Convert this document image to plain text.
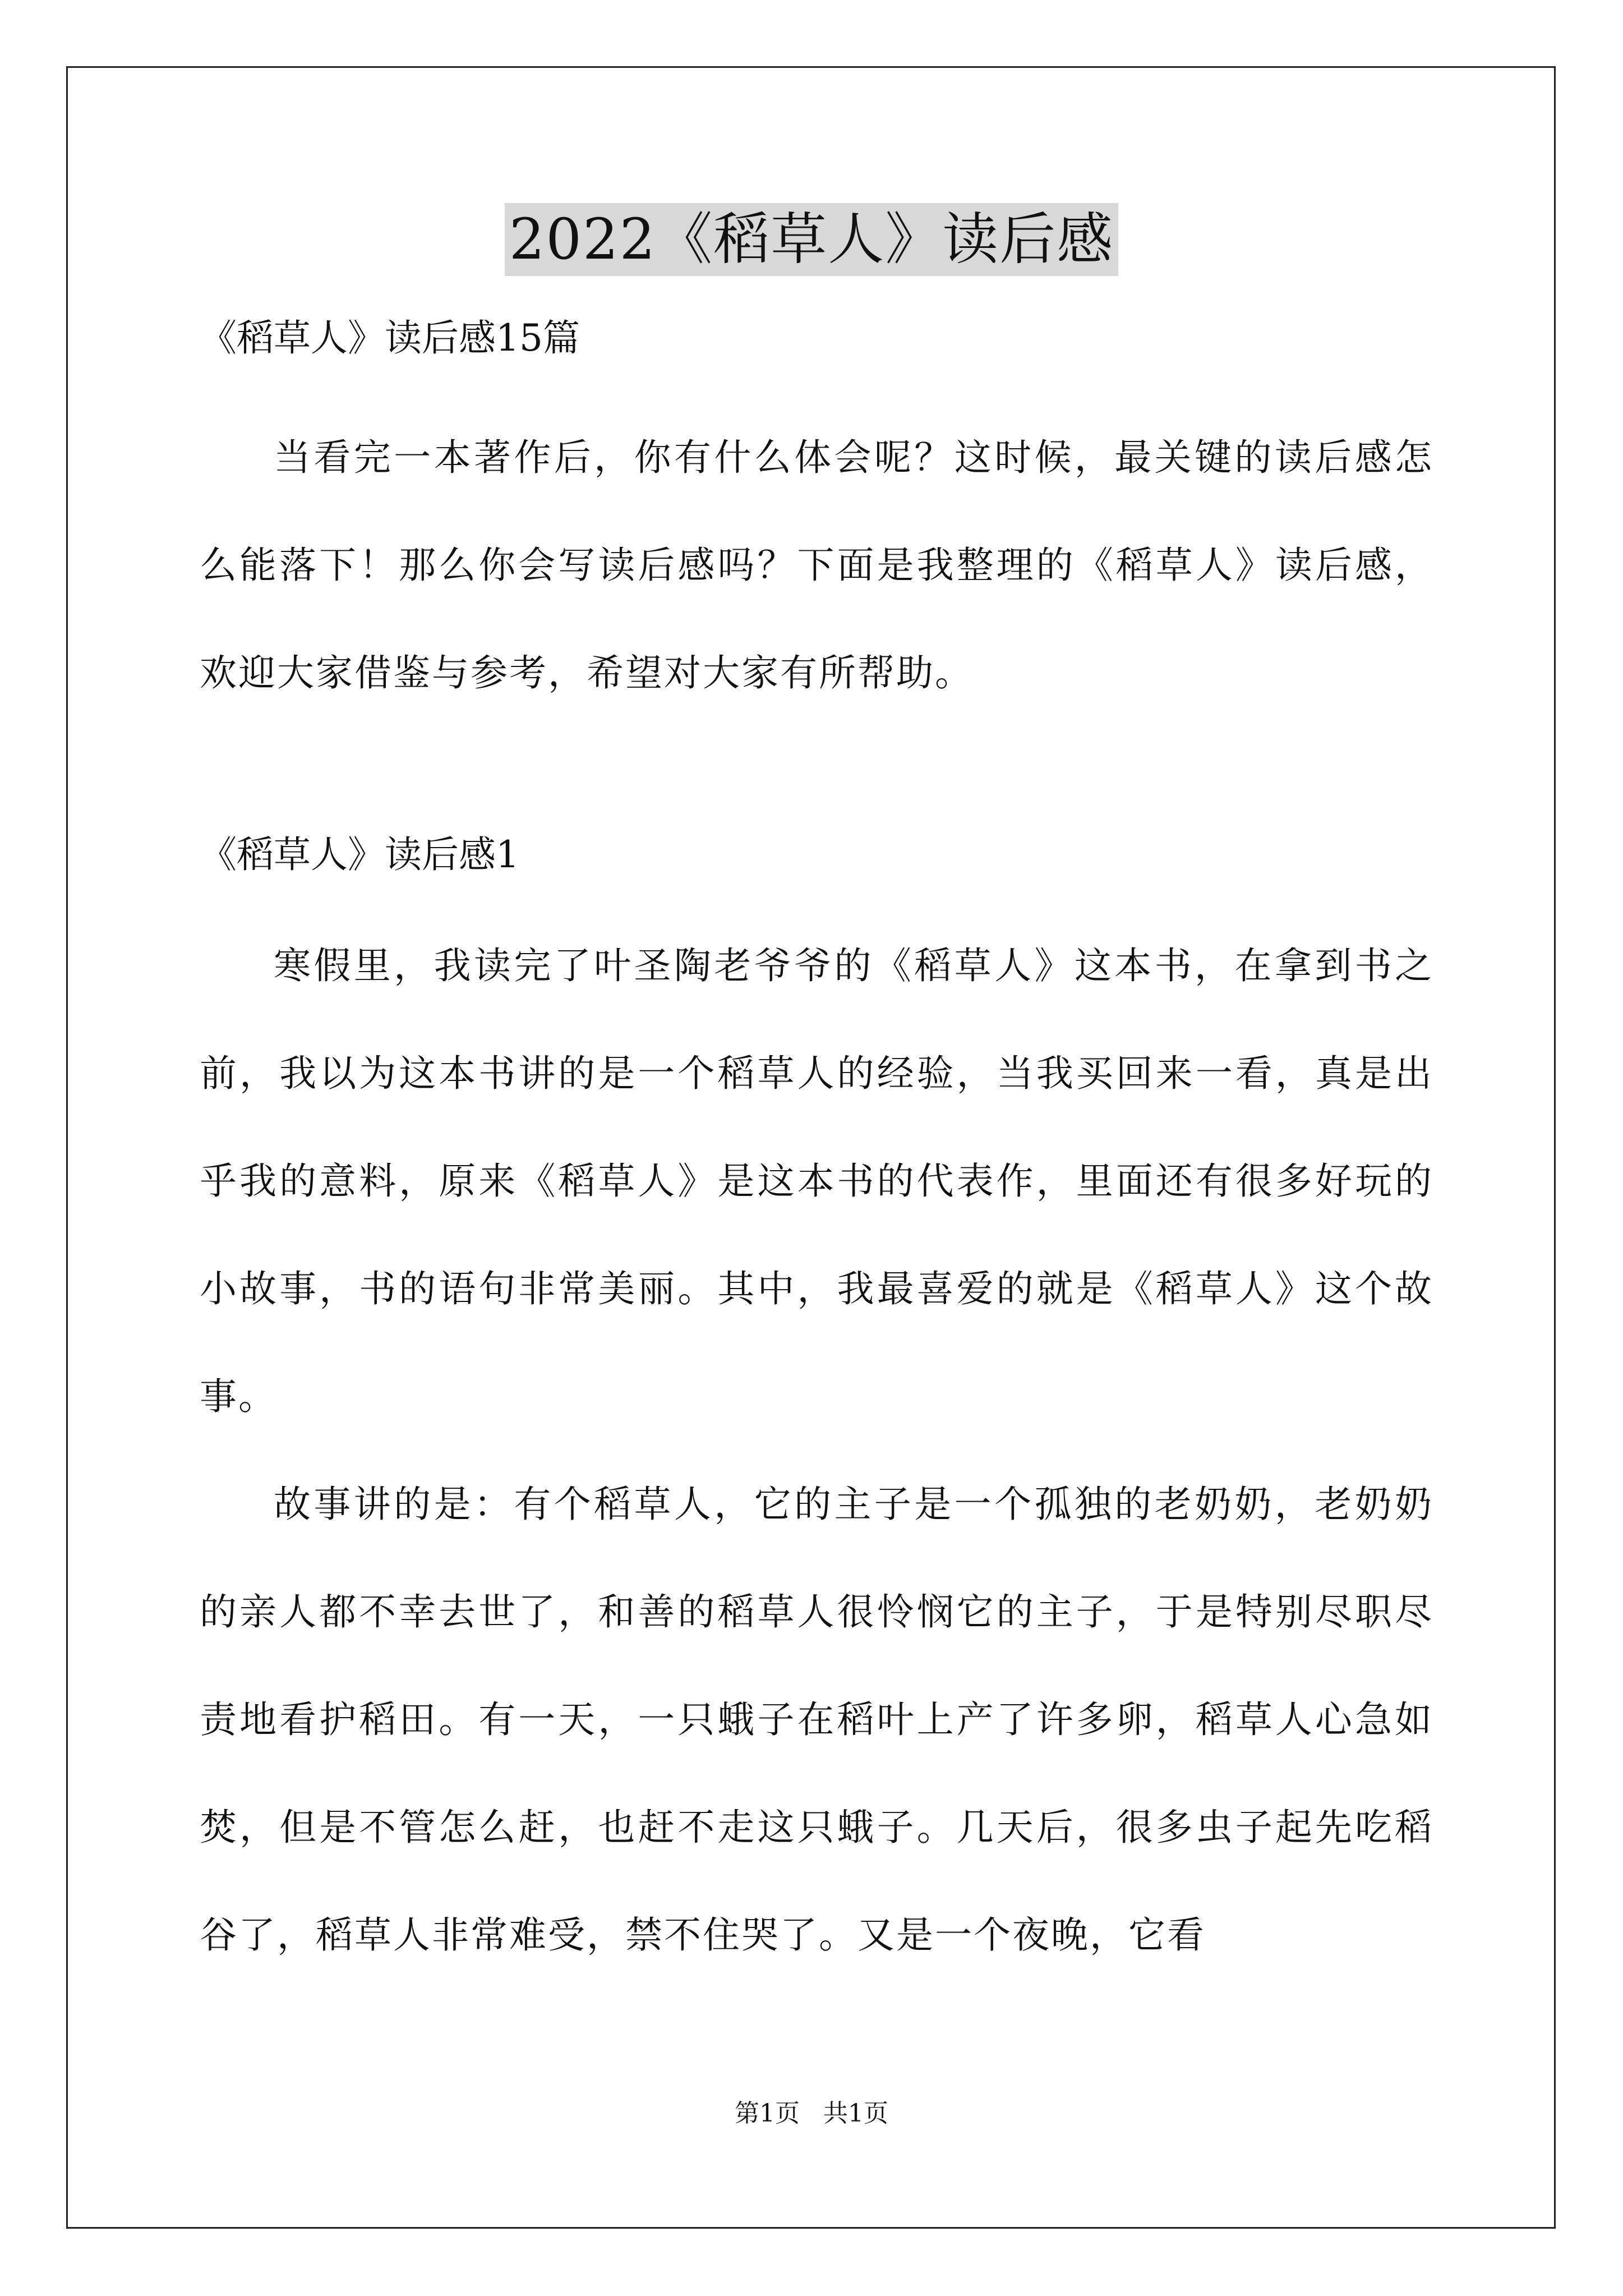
2022《稻草人》读后感

《稻草人》读后感15篇

当看完一本著作后，你有什么体会呢？这时候，最关键的读后感怎么能落下！那么你会写读后感吗？下面是我整理的《稻草人》读后感，欢迎大家借鉴与参考，希望对大家有所帮助。

《稻草人》读后感1

寒假里，我读完了叶圣陶老爷爷的《稻草人》这本书，在拿到书之前，我以为这本书讲的是一个稻草人的经验，当我买回来一看，真是出乎我的意料，原来《稻草人》是这本书的代表作，里面还有很多好玩的小故事，书的语句非常美丽。其中，我最喜爱的就是《稻草人》这个故事。

故事讲的是：有个稻草人，它的主子是一个孤独的老奶奶，老奶奶的亲人都不幸去世了，和善的稻草人很怜悯它的主子，于是特别尽职尽责地看护稻田。有一天，一只蛾子在稻叶上产了许多卵，稻草人心急如焚，但是不管怎么赶，也赶不走这只蛾子。几天后，很多虫子起先吃稻谷了，稻草人非常难受，禁不住哭了。又是一个夜晚，它看

第1页   共1页
